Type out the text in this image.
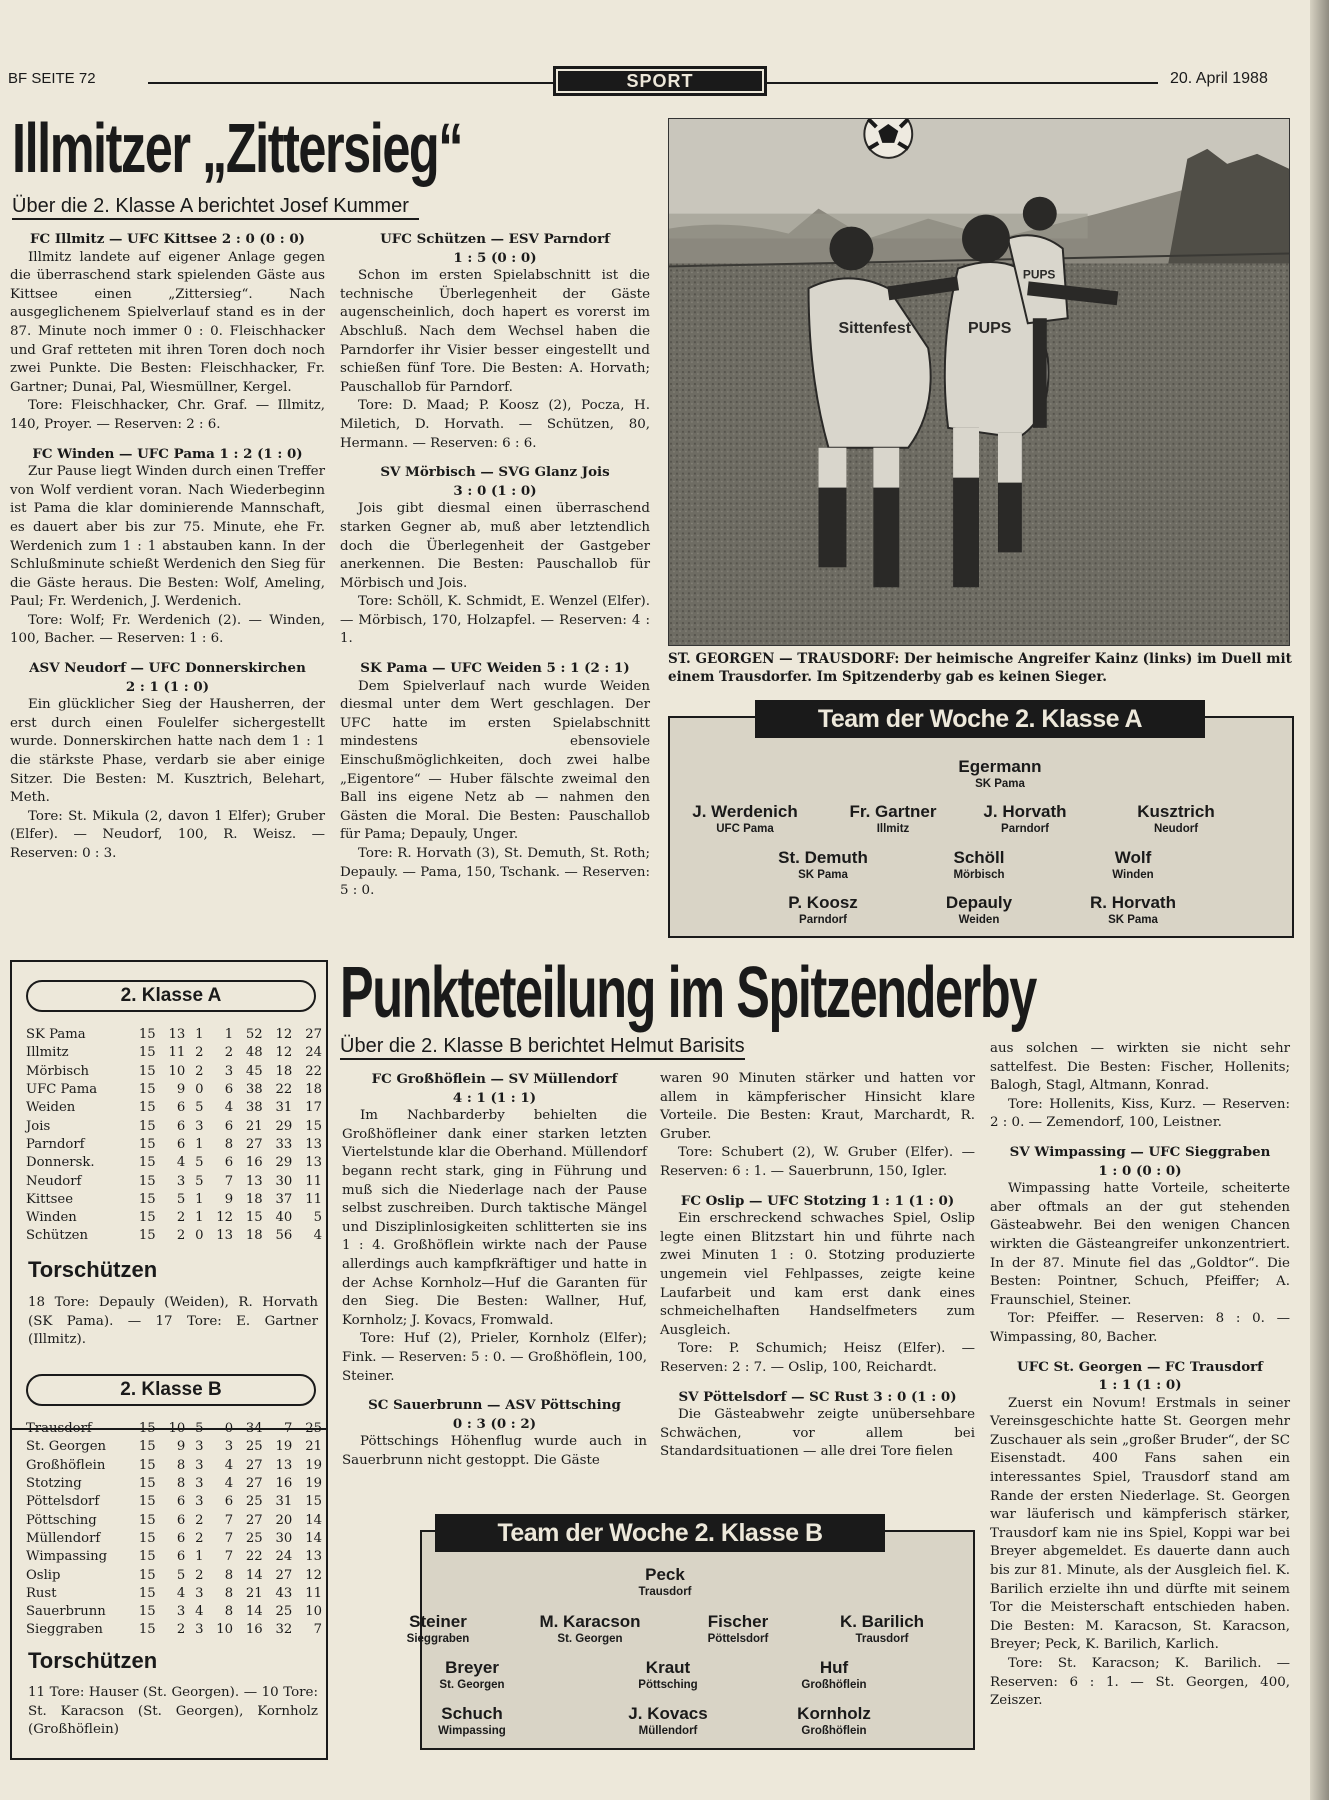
BF SEITE 72	SPORT	20. April 1988
Illmitzer „Zittersieg“
Über die 2. Klasse A berichtet Josef Kummer

FC Illmitz — UFC Kittsee 2 : 0 (0 : 0)

Illmitz landete auf eigener Anlage gegen die überraschend stark spielenden Gäste aus Kittsee einen „Zittersieg“. Nach ausgeglichenem Spielverlauf stand es in der 87. Minute noch immer 0 : 0. Fleischhacker und Graf retteten mit ihren Toren doch noch zwei Punkte. Die Besten: Fleischhacker, Fr. Gartner; Dunai, Pal, Wiesmüllner, Kergel.

Tore: Fleischhacker, Chr. Graf. — Illmitz, 140, Proyer. — Reserven: 2 : 6.

FC Winden — UFC Pama 1 : 2 (1 : 0)

Zur Pause liegt Winden durch einen Treffer von Wolf verdient voran. Nach Wiederbeginn ist Pama die klar dominierende Mannschaft, es dauert aber bis zur 75. Minute, ehe Fr. Werdenich zum 1 : 1 abstauben kann. In der Schlußminute schießt Werdenich den Sieg für die Gäste heraus. Die Besten: Wolf, Ameling, Paul; Fr. Werdenich, J. Werdenich.

Tore: Wolf; Fr. Werdenich (2). — Winden, 100, Bacher. — Reserven: 1 : 6.

ASV Neudorf — UFC Donnerskirchen

2 : 1 (1 : 0)

Ein glücklicher Sieg der Hausherren, der erst durch einen Foulelfer sichergestellt wurde. Donnerskirchen hatte nach dem 1 : 1 die stärkste Phase, verdarb sie aber einige Sitzer. Die Besten: M. Kusztrich, Belehart, Meth.

Tore: St. Mikula (2, davon 1 Elfer); Gruber (Elfer). — Neudorf, 100, R. Weisz. — Reserven: 0 : 3.

UFC Schützen — ESV Parndorf

1 : 5 (0 : 0)

Schon im ersten Spielabschnitt ist die technische Überlegenheit der Gäste augenscheinlich, doch hapert es vorerst im Abschluß. Nach dem Wechsel haben die Parndorfer ihr Visier besser eingestellt und schießen fünf Tore. Die Besten: A. Horvath; Pauschallob für Parndorf.

Tore: D. Maad; P. Koosz (2), Pocza, H. Miletich, D. Horvath. — Schützen, 80, Hermann. — Reserven: 6 : 6.

SV Mörbisch — SVG Glanz Jois

3 : 0 (1 : 0)

Jois gibt diesmal einen überraschend starken Gegner ab, muß aber letztendlich doch die Überlegenheit der Gastgeber anerkennen. Die Besten: Pauschallob für Mörbisch und Jois.

Tore: Schöll, K. Schmidt, E. Wenzel (Elfer). — Mörbisch, 170, Holzapfel. — Reserven: 4 : 1.

SK Pama — UFC Weiden 5 : 1 (2 : 1)

Dem Spielverlauf nach wurde Weiden diesmal unter dem Wert geschlagen. Der UFC hatte im ersten Spielabschnitt mindestens ebensoviele Einschußmöglichkeiten, doch zwei halbe „Eigentore“ — Huber fälschte zweimal den Ball ins eigene Netz ab — nahmen den Gästen die Moral. Die Besten: Pauschallob für Pama; Depauly, Unger.

Tore: R. Horvath (3), St. Demuth, St. Roth; Depauly. — Pama, 150, Tschank. — Reserven: 5 : 0.

Sittenfest	PUPS
PUPS
ST. GEORGEN — TRAUSDORF: Der heimische Angreifer Kainz (links) im Duell mit einem Trausdorfer. Im Spitzenderby gab es keinen Sieger.
Team der Woche 2. Klasse A
Egermann
SK Pama
J. Werdenich
UFC Pama
Fr. Gartner
Illmitz
J. Horvath
Parndorf
Kusztrich
Neudorf
St. Demuth
SK Pama
Schöll
Mörbisch
Wolf
Winden
P. Koosz
Parndorf
Depauly
Weiden
R. Horvath
SK Pama
2. Klasse A
SK Pama	15	13	1	1	52	12	27
Illmitz	15	11	2	2	48	12	24
Mörbisch	15	10	2	3	45	18	22
UFC Pama	15	9	0	6	38	22	18
Weiden	15	6	5	4	38	31	17
Jois	15	6	3	6	21	29	15
Parndorf	15	6	1	8	27	33	13
Donnersk.	15	4	5	6	16	29	13
Neudorf	15	3	5	7	13	30	11
Kittsee	15	5	1	9	18	37	11
Winden	15	2	1	12	15	40	5
Schützen	15	2	0	13	18	56	4
Torschützen
18 Tore: Depauly (Weiden), R. Horvath (SK Pama). — 17 Tore: E. Gartner (Illmitz).
2. Klasse B
Trausdorf	15	10	5	0	34	7	25
St. Georgen	15	9	3	3	25	19	21
Großhöflein	15	8	3	4	27	13	19
Stotzing	15	8	3	4	27	16	19
Pöttelsdorf	15	6	3	6	25	31	15
Pöttsching	15	6	2	7	27	20	14
Müllendorf	15	6	2	7	25	30	14
Wimpassing	15	6	1	7	22	24	13
Oslip	15	5	2	8	14	27	12
Rust	15	4	3	8	21	43	11
Sauerbrunn	15	3	4	8	14	25	10
Sieggraben	15	2	3	10	16	32	7
Torschützen
11 Tore: Hauser (St. Georgen). — 10 Tore: St. Karacson (St. Georgen), Kornholz (Großhöflein)
Punkteteilung im Spitzenderby
Über die 2. Klasse B berichtet Helmut Barisits

FC Großhöflein — SV Müllendorf

4 : 1 (1 : 1)

Im Nachbarderby behielten die Großhöfleiner dank einer starken letzten Viertelstunde klar die Oberhand. Müllendorf begann recht stark, ging in Führung und muß sich die Niederlage nach der Pause selbst zuschreiben. Durch taktische Mängel und Disziplinlosigkeiten schlitterten sie ins 1 : 4. Großhöflein wirkte nach der Pause allerdings auch kampfkräftiger und hatte in der Achse Kornholz—Huf die Garanten für den Sieg. Die Besten: Wallner, Huf, Kornholz; J. Kovacs, Fromwald.

Tore: Huf (2), Prieler, Kornholz (Elfer); Fink. — Reserven: 5 : 0. — Großhöflein, 100, Steiner.

SC Sauerbrunn — ASV Pöttsching

0 : 3 (0 : 2)

Pöttschings Höhenflug wurde auch in Sauerbrunn nicht gestoppt. Die Gäste

waren 90 Minuten stärker und hatten vor allem in kämpferischer Hinsicht klare Vorteile. Die Besten: Kraut, Marchardt, R. Gruber.

Tore: Schubert (2), W. Gruber (Elfer). — Reserven: 6 : 1. — Sauerbrunn, 150, Igler.

FC Oslip — UFC Stotzing 1 : 1 (1 : 0)

Ein erschreckend schwaches Spiel, Oslip legte einen Blitzstart hin und führte nach zwei Minuten 1 : 0. Stotzing produzierte ungemein viel Fehlpasses, zeigte keine Laufarbeit und kam erst dank eines schmeichelhaften Handselfmeters zum Ausgleich.

Tore: P. Schumich; Heisz (Elfer). — Reserven: 2 : 7. — Oslip, 100, Reichardt.

SV Pöttelsdorf — SC Rust 3 : 0 (1 : 0)

Die Gästeabwehr zeigte unübersehbare Schwächen, vor allem bei Standardsituationen — alle drei Tore fielen

aus solchen — wirkten sie nicht sehr sattelfest. Die Besten: Fischer, Hollenits; Balogh, Stagl, Altmann, Konrad.

Tore: Hollenits, Kiss, Kurz. — Reserven: 2 : 0. — Zemendorf, 100, Leistner.

SV Wimpassing — UFC Sieggraben

1 : 0 (0 : 0)

Wimpassing hatte Vorteile, scheiterte aber oftmals an der gut stehenden Gästeabwehr. Bei den wenigen Chancen wirkten die Gästeangreifer unkonzentriert. In der 87. Minute fiel das „Goldtor“. Die Besten: Pointner, Schuch, Pfeiffer; A. Fraunschiel, Steiner.

Tor: Pfeiffer. — Reserven: 8 : 0. — Wimpassing, 80, Bacher.

UFC St. Georgen — FC Trausdorf

1 : 1 (1 : 0)

Zuerst ein Novum! Erstmals in seiner Vereinsgeschichte hatte St. Georgen mehr Zuschauer als sein „großer Bruder“, der SC Eisenstadt. 400 Fans sahen ein interessantes Spiel, Trausdorf stand am Rande der ersten Niederlage. St. Georgen war läuferisch und kämpferisch stärker, Trausdorf kam nie ins Spiel, Koppi war bei Breyer abgemeldet. Es dauerte dann auch bis zur 81. Minute, als der Ausgleich fiel. K. Barilich erzielte ihn und dürfte mit seinem Tor die Meisterschaft entschieden haben. Die Besten: M. Karacson, St. Karacson, Breyer; Peck, K. Barilich, Karlich.

Tore: St. Karacson; K. Barilich. — Reserven: 6 : 1. — St. Georgen, 400, Zeiszer.

Team der Woche 2. Klasse B
Peck
Trausdorf
Steiner
Sieggraben
M. Karacson
St. Georgen
Fischer
Pöttelsdorf
K. Barilich
Trausdorf
Breyer
St. Georgen
Kraut
Pöttsching
Huf
Großhöflein
Schuch
Wimpassing
J. Kovacs
Müllendorf
Kornholz
Großhöflein
